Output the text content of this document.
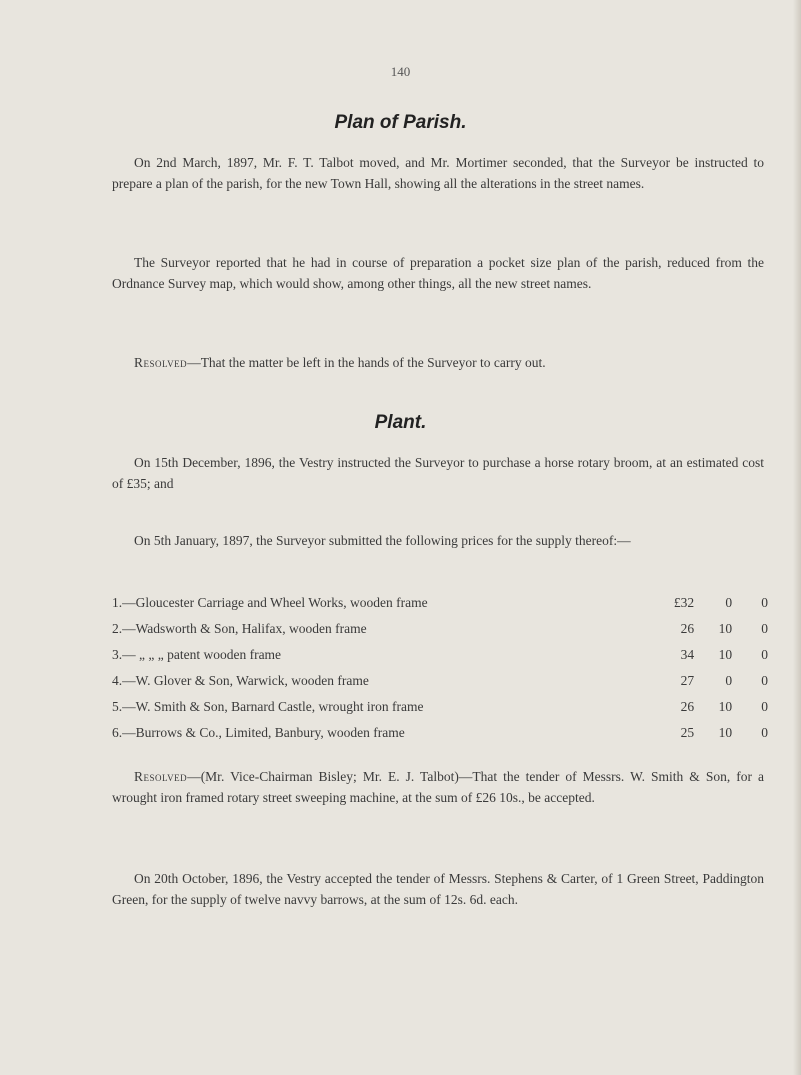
140
Plan of Parish.

On 2nd March, 1897, Mr. F. T. Talbot moved, and Mr. Mortimer seconded, that the Surveyor be instructed to prepare a plan of the parish, for the new Town Hall, showing all the alterations in the street names.

The Surveyor reported that he had in course of preparation a pocket size plan of the parish, reduced from the Ordnance Survey map, which would show, among other things, all the new street names.

Resolved—That the matter be left in the hands of the Surveyor to carry out.

Plant.

On 15th December, 1896, the Vestry instructed the Surveyor to purchase a horse rotary broom, at an estimated cost of £35; and

On 5th January, 1897, the Surveyor submitted the following prices for the supply thereof:—

1.—Gloucester Carriage and Wheel Works, wooden frame	£32	0	0
2.—Wadsworth & Son, Halifax, wooden frame	26	10	0
3.— „ „ „ patent wooden frame	34	10	0
4.—W. Glover & Son, Warwick, wooden frame	27	0	0
5.—W. Smith & Son, Barnard Castle, wrought iron frame	26	10	0
6.—Burrows & Co., Limited, Banbury, wooden frame	25	10	0

Resolved—(Mr. Vice-Chairman Bisley; Mr. E. J. Talbot)—That the tender of Messrs. W. Smith & Son, for a wrought iron framed rotary street sweeping machine, at the sum of £26 10s., be accepted.

On 20th October, 1896, the Vestry accepted the tender of Messrs. Stephens & Carter, of 1 Green Street, Paddington Green, for the supply of twelve navvy barrows, at the sum of 12s. 6d. each.
